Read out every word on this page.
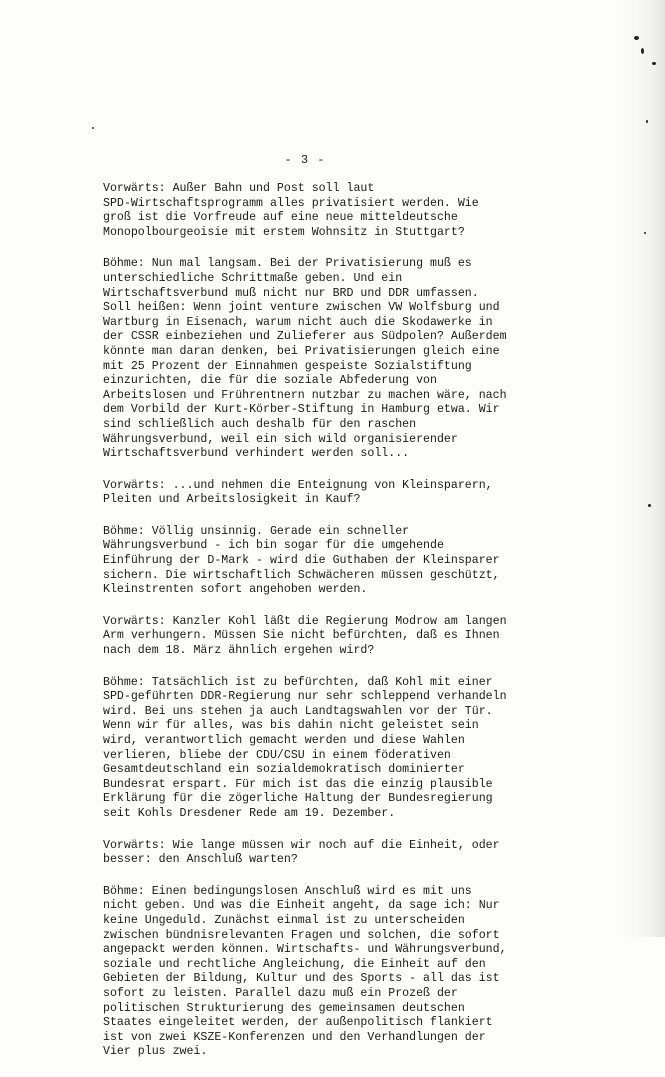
- 3 -
Vorwärts: Außer Bahn und Post soll laut
SPD-Wirtschaftsprogramm alles privatisiert werden. Wie
groß ist die Vorfreude auf eine neue mitteldeutsche
Monopolbourgeoisie mit erstem Wohnsitz in Stuttgart?
Böhme: Nun mal langsam. Bei der Privatisierung muß es
unterschiedliche Schrittmaße geben. Und ein
Wirtschaftsverbund muß nicht nur BRD und DDR umfassen.
Soll heißen: Wenn joint venture zwischen VW Wolfsburg und
Wartburg in Eisenach, warum nicht auch die Skodawerke in
der CSSR einbeziehen und Zulieferer aus Südpolen? Außerdem
könnte man daran denken, bei Privatisierungen gleich eine
mit 25 Prozent der Einnahmen gespeiste Sozialstiftung
einzurichten, die für die soziale Abfederung von
Arbeitslosen und Frührentnern nutzbar zu machen wäre, nach
dem Vorbild der Kurt-Körber-Stiftung in Hamburg etwa. Wir
sind schließlich auch deshalb für den raschen
Währungsverbund, weil ein sich wild organisierender
Wirtschaftsverbund verhindert werden soll...
Vorwärts: ...und nehmen die Enteignung von Kleinsparern,
Pleiten und Arbeitslosigkeit in Kauf?
Böhme: Völlig unsinnig. Gerade ein schneller
Währungsverbund - ich bin sogar für die umgehende
Einführung der D-Mark - wird die Guthaben der Kleinsparer
sichern. Die wirtschaftlich Schwächeren müssen geschützt,
Kleinstrenten sofort angehoben werden.
Vorwärts: Kanzler Kohl läßt die Regierung Modrow am langen
Arm verhungern. Müssen Sie nicht befürchten, daß es Ihnen
nach dem 18. März ähnlich ergehen wird?
Böhme: Tatsächlich ist zu befürchten, daß Kohl mit einer
SPD-geführten DDR-Regierung nur sehr schleppend verhandeln
wird. Bei uns stehen ja auch Landtagswahlen vor der Tür.
Wenn wir für alles, was bis dahin nicht geleistet sein
wird, verantwortlich gemacht werden und diese Wahlen
verlieren, bliebe der CDU/CSU in einem föderativen
Gesamtdeutschland ein sozialdemokratisch dominierter
Bundesrat erspart. Für mich ist das die einzig plausible
Erklärung für die zögerliche Haltung der Bundesregierung
seit Kohls Dresdener Rede am 19. Dezember.
Vorwärts: Wie lange müssen wir noch auf die Einheit, oder
besser: den Anschluß warten?
Böhme: Einen bedingungslosen Anschluß wird es mit uns
nicht geben. Und was die Einheit angeht, da sage ich: Nur
keine Ungeduld. Zunächst einmal ist zu unterscheiden
zwischen bündnisrelevanten Fragen und solchen, die sofort
angepackt werden können. Wirtschafts- und Währungsverbund,
soziale und rechtliche Angleichung, die Einheit auf den
Gebieten der Bildung, Kultur und des Sports - all das ist
sofort zu leisten. Parallel dazu muß ein Prozeß der
politischen Strukturierung des gemeinsamen deutschen
Staates eingeleitet werden, der außenpolitisch flankiert
ist von zwei KSZE-Konferenzen und den Verhandlungen der
Vier plus zwei.
